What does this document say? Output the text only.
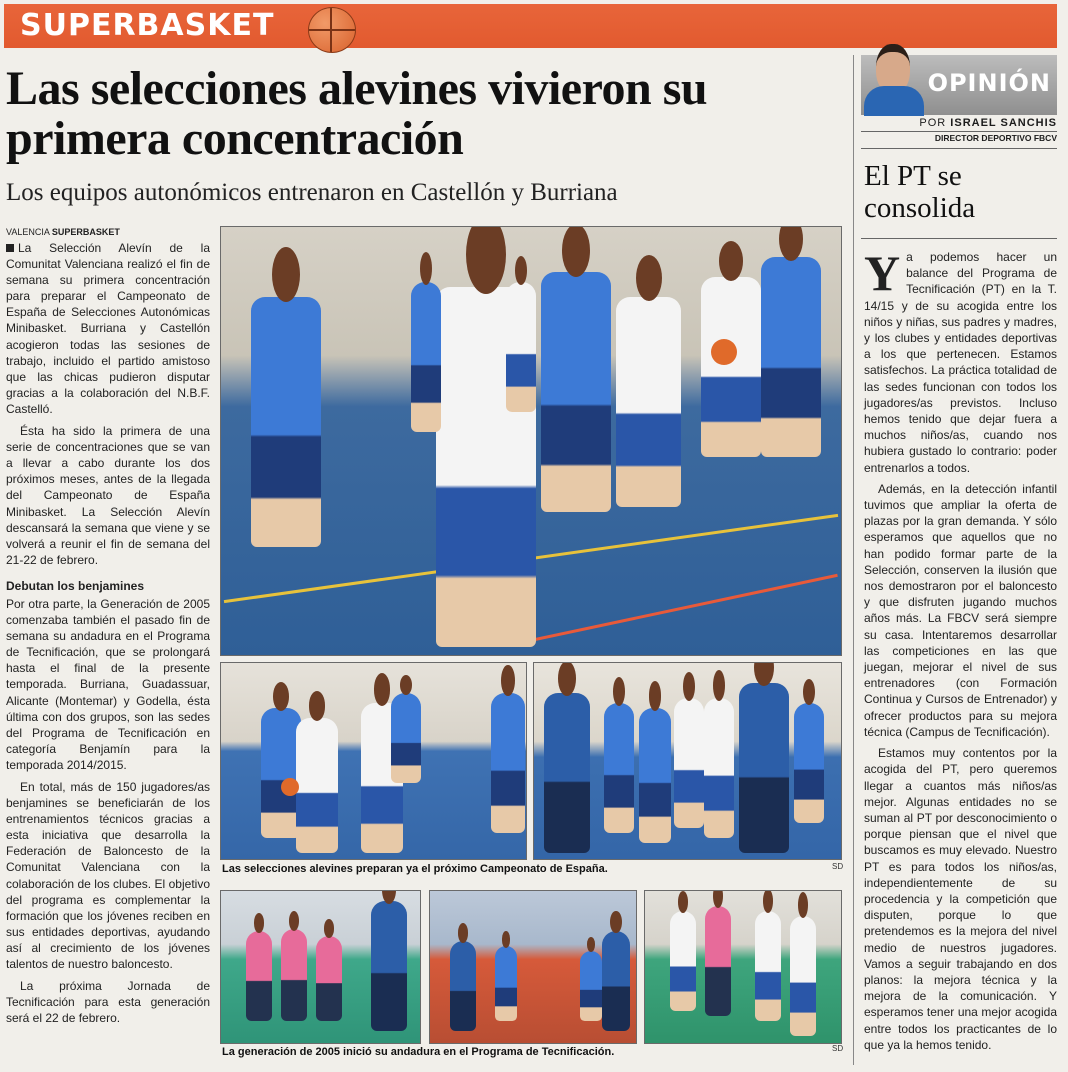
SUPERBASKET
Las selecciones alevines vivieron su primera concentración
Los equipos autonómicos entrenaron en Castellón y Burriana
VALENCIA SUPERBASKET

La Selección Alevín de la Comunitat Valenciana realizó el fin de semana su primera concentración para preparar el Campeonato de España de Selecciones Autonómicas Minibasket. Burriana y Castellón acogieron todas las sesiones de trabajo, incluido el partido amistoso que las chicas pudieron disputar gracias a la colaboración del N.B.F. Castelló.

Ésta ha sido la primera de una serie de concentraciones que se van a llevar a cabo durante los dos próximos meses, antes de la llegada del Campeonato de España Minibasket. La Selección Alevín descansará la semana que viene y se volverá a reunir el fin de semana del 21-22 de febrero.

Debutan los benjamines

Por otra parte, la Generación de 2005 comenzaba también el pasado fin de semana su andadura en el Programa de Tecnificación, que se prolongará hasta el final de la presente temporada. Burriana, Guadassuar, Alicante (Montemar) y Godella, ésta última con dos grupos, son las sedes del Programa de Tecnificación en categoría Benjamín para la temporada 2014/2015.

En total, más de 150 jugadores/as benjamines se beneficiarán de los entrenamientos técnicos gracias a esta iniciativa que desarrolla la Federación de Baloncesto de la Comunitat Valenciana con la colaboración de los clubes. El objetivo del programa es complementar la formación que los jóvenes reciben en sus entidades deportivas, ayudando así al crecimiento de los jóvenes talentos de nuestro baloncesto.

La próxima Jornada de Tecnificación para esta generación será el 22 de febrero.

Las selecciones alevines preparan ya el próximo Campeonato de España.	SD
La generación de 2005 inició su andadura en el Programa de Tecnificación.	SD
OPINIÓN
POR ISRAEL SANCHIS
DIRECTOR DEPORTIVO FBCV
El PT se consolida

Ya podemos hacer un balance del Programa de Tecnificación (PT) en la T. 14/15 y de su acogida entre los niños y niñas, sus padres y madres, y los clubes y entidades deportivas a los que pertenecen. Estamos satisfechos. La práctica totalidad de las sedes funcionan con todos los jugadores/as previstos. Incluso hemos tenido que dejar fuera a muchos niños/as, cuando nos hubiera gustado lo contrario: poder entrenarlos a todos.

Además, en la detección infantil tuvimos que ampliar la oferta de plazas por la gran demanda. Y sólo esperamos que aquellos que no han podido formar parte de la Selección, conserven la ilusión que nos demostraron por el baloncesto y que disfruten jugando muchos años más. La FBCV será siempre su casa. Intentaremos desarrollar las competiciones en las que juegan, mejorar el nivel de sus entrenadores (con Formación Continua y Cursos de Entrenador) y ofrecer productos para su mejora técnica (Campus de Tecnificación).

Estamos muy contentos por la acogida del PT, pero queremos llegar a cuantos más niños/as mejor. Algunas entidades no se suman al PT por desconocimiento o porque piensan que el nivel que buscamos es muy elevado. Nuestro PT es para todos los niños/as, independientemente de su procedencia y la competición que disputen, porque lo que pretendemos es la mejora del nivel medio de nuestros jugadores. Vamos a seguir trabajando en dos planos: la mejora técnica y la mejora de la comunicación. Y esperamos tener una mejor acogida entre todos los practicantes de lo que ya la hemos tenido.
